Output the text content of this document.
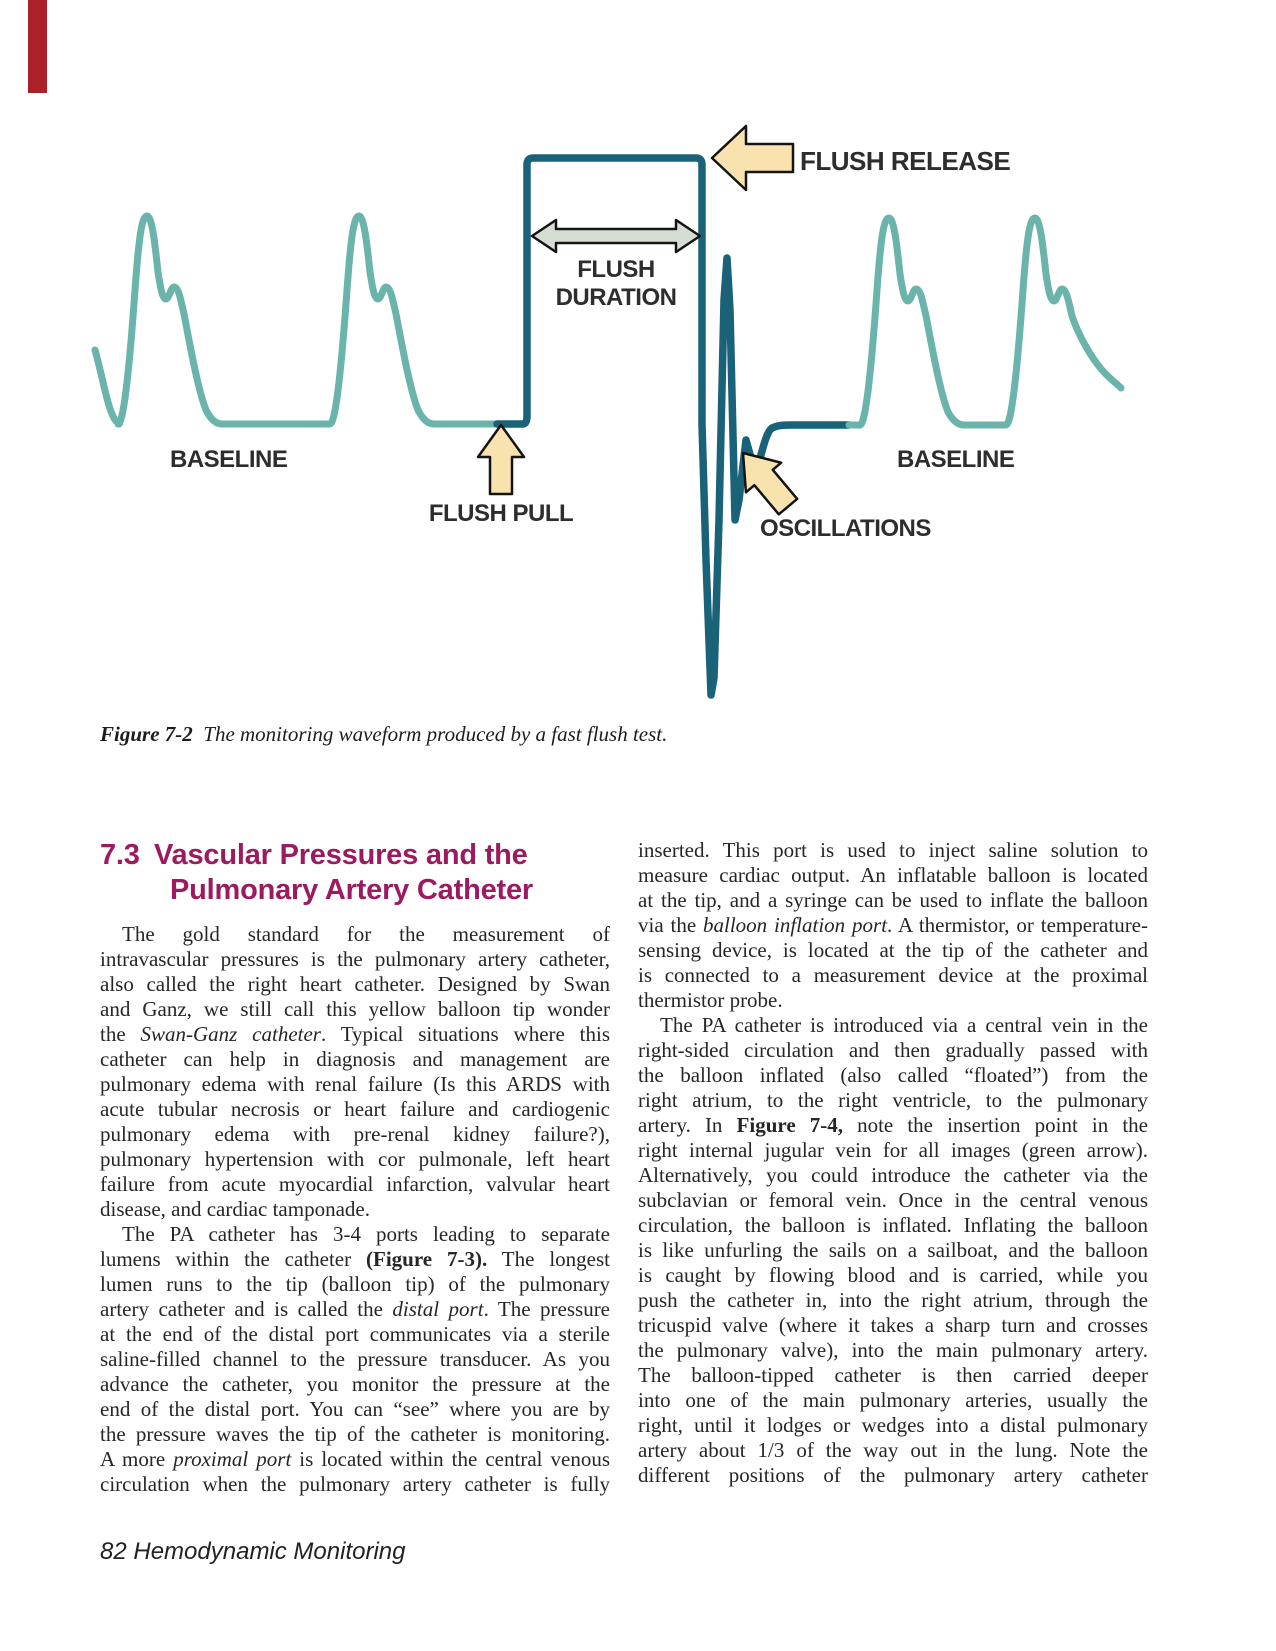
FLUSH RELEASE
FLUSH
DURATION
BASELINE	BASELINE
FLUSH PULL
OSCILLATIONS
Figure 7-2 The monitoring waveform produced by a fast flush test.
7.3 Vascular Pressures and the
Pulmonary Artery Catheter
The gold standard for the measurement of
intravascular pressures is the pulmonary artery catheter,
also called the right heart catheter. Designed by Swan
and Ganz, we still call this yellow balloon tip wonder
the Swan-Ganz catheter. Typical situations where this
catheter can help in diagnosis and management are
pulmonary edema with renal failure (Is this ARDS with
acute tubular necrosis or heart failure and cardiogenic
pulmonary edema with pre-renal kidney failure?),
pulmonary hypertension with cor pulmonale, left heart
failure from acute myocardial infarction, valvular heart
disease, and cardiac tamponade.
The PA catheter has 3-4 ports leading to separate
lumens within the catheter (Figure 7-3). The longest
lumen runs to the tip (balloon tip) of the pulmonary
artery catheter and is called the distal port. The pressure
at the end of the distal port communicates via a sterile
saline-filled channel to the pressure transducer. As you
advance the catheter, you monitor the pressure at the
end of the distal port. You can “see” where you are by
the pressure waves the tip of the catheter is monitoring.
A more proximal port is located within the central venous
circulation when the pulmonary artery catheter is fully
inserted. This port is used to inject saline solution to
measure cardiac output. An inflatable balloon is located
at the tip, and a syringe can be used to inflate the balloon
via the balloon inflation port. A thermistor, or temperature-
sensing device, is located at the tip of the catheter and
is connected to a measurement device at the proximal
thermistor probe.
The PA catheter is introduced via a central vein in the
right-sided circulation and then gradually passed with
the balloon inflated (also called “floated”) from the
right atrium, to the right ventricle, to the pulmonary
artery. In Figure 7-4, note the insertion point in the
right internal jugular vein for all images (green arrow).
Alternatively, you could introduce the catheter via the
subclavian or femoral vein. Once in the central venous
circulation, the balloon is inflated. Inflating the balloon
is like unfurling the sails on a sailboat, and the balloon
is caught by flowing blood and is carried, while you
push the catheter in, into the right atrium, through the
tricuspid valve (where it takes a sharp turn and crosses
the pulmonary valve), into the main pulmonary artery.
The balloon-tipped catheter is then carried deeper
into one of the main pulmonary arteries, usually the
right, until it lodges or wedges into a distal pulmonary
artery about 1/3 of the way out in the lung. Note the
different positions of the pulmonary artery catheter
82 Hemodynamic Monitoring
